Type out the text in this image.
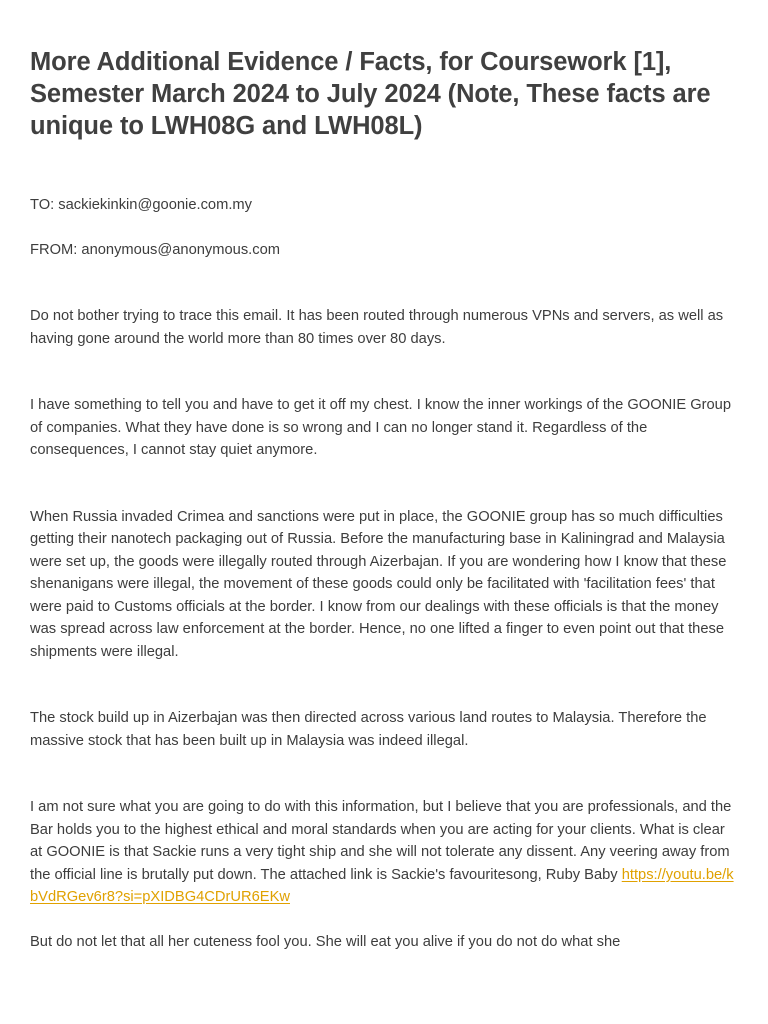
More Additional Evidence / Facts, for Coursework [1], Semester March 2024 to July 2024 (Note, These facts are unique to LWH08G and LWH08L)

TO: sackiekinkin@goonie.com.my

FROM: anonymous@anonymous.com

Do not bother trying to trace this email. It has been routed through numerous VPNs and servers, as well as having gone around the world more than 80 times over 80 days.

I have something to tell you and have to get it off my chest. I know the inner workings of the GOONIE Group of companies. What they have done is so wrong and I can no longer stand it. Regardless of the consequences, I cannot stay quiet anymore.

When Russia invaded Crimea and sanctions were put in place, the GOONIE group has so much difficulties getting their nanotech packaging out of Russia. Before the manufacturing base in Kaliningrad and Malaysia were set up, the goods were illegally routed through Aizerbajan. If you are wondering how I know that these shenanigans were illegal, the movement of these goods could only be facilitated with 'facilitation fees' that were paid to Customs officials at the border. I know from our dealings with these officials is that the money was spread across law enforcement at the border. Hence, no one lifted a finger to even point out that these shipments were illegal.

The stock build up in Aizerbajan was then directed across various land routes to Malaysia. Therefore the massive stock that has been built up in Malaysia was indeed illegal.

I am not sure what you are going to do with this information, but I believe that you are professionals, and the Bar holds you to the highest ethical and moral standards when you are acting for your clients. What is clear at GOONIE is that Sackie runs a very tight ship and she will not tolerate any dissent. Any veering away from the official line is brutally put down. The attached link is Sackie's favouritesong, Ruby Baby https://youtu.be/kbVdRGev6r8?si=pXIDBG4CDrUR6EKw

But do not let that all her cuteness fool you. She will eat you alive if you do not do what she
